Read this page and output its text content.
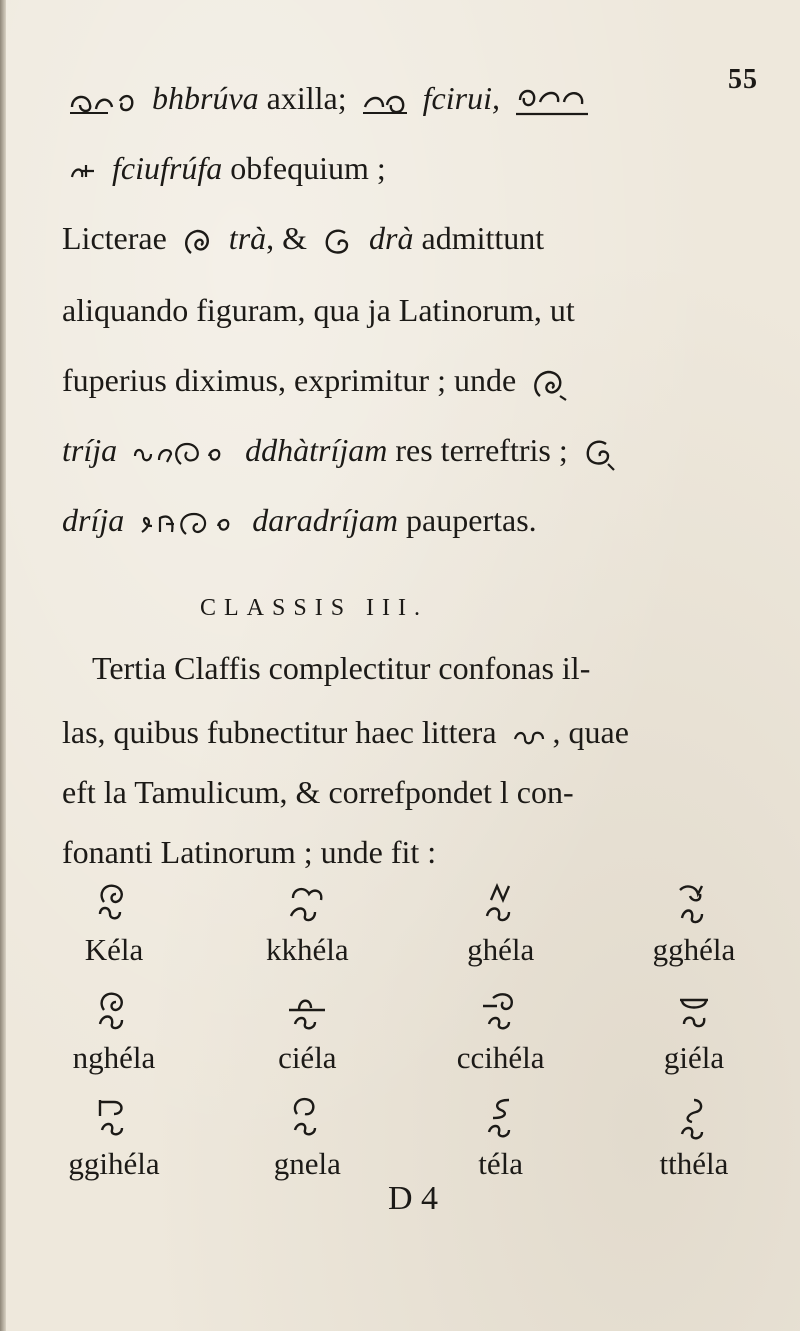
55
bhbrúva axilla; fcirui,
fciufrúfa obfequium ;
Licterae trà, & drà admittunt
aliquando figuram, qua ja Latinorum, ut
fuperius diximus, exprimitur ; unde
tríja	ddhàtríjam res terreftris ;
dríja	daradríjam paupertas.
CLASSIS III.
Tertia Claffis complectitur confonas il-
las, quibus fubnectitur haec littera , quae
eft la Tamulicum, & correfpondet l con-
fonanti Latinorum ; unde fit :
Kéla	kkhéla	ghéla	gghéla
nghéla	ciéla	ccihéla	giéla
ggihéla	gnela	téla	tthéla
D 4
